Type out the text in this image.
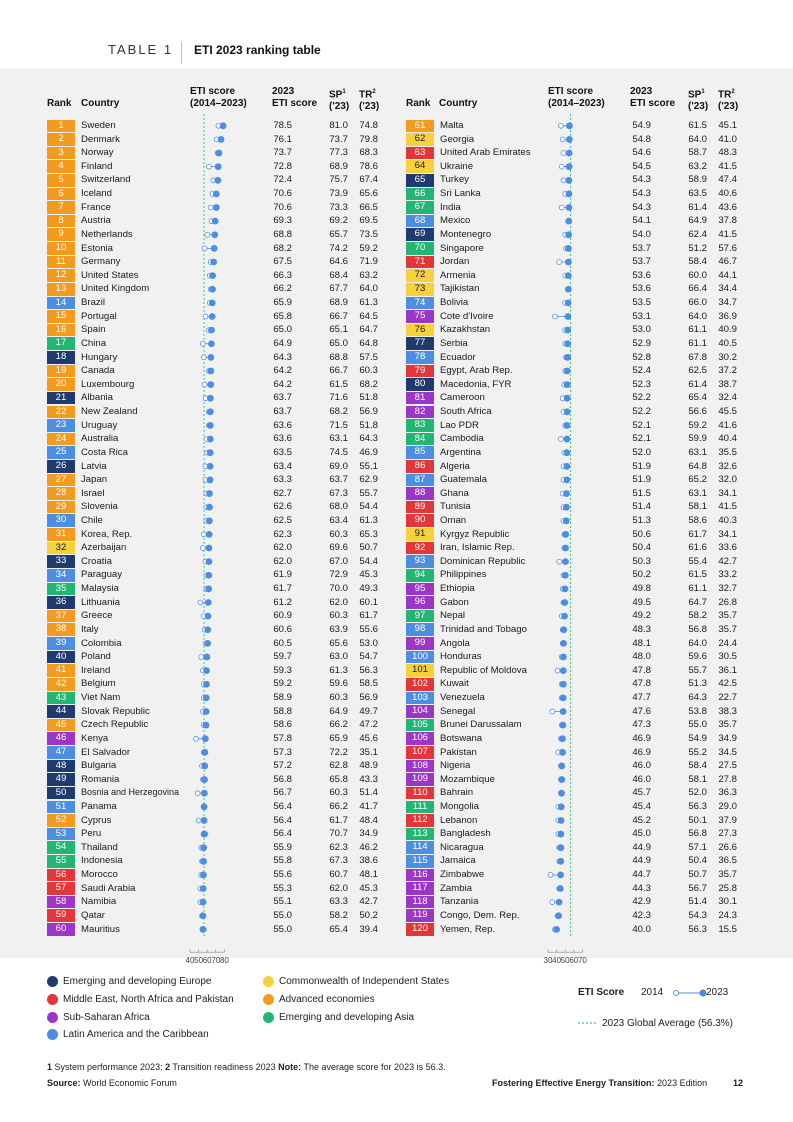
TABLE 1 ETI 2023 ranking table
Rank Country
ETI score
(2014–2023)
2023
ETI score
$SP^1$
('23)
$TR^2$
('23)	Rank Country
ETI score
(2014–2023)
2023
ETI score
$SP^1$
('23)
$TR^2$
('23)
40 50 60 70 80	30 40 50 60 70
1	Sweden	78.5	81.0	74.8
2	Denmark	76.1	73.7	79.8
3	Norway	73.7	77.3	68.3
4	Finland	72.8	68.9	78.6
5	Switzerland	72.4	75.7	67.4
6	Iceland	70.6	73.9	65.6
7	France	70.6	73.3	66.5
8	Austria	69.3	69.2	69.5
9	Netherlands	68.8	65.7	73.5
10	Estonia	68.2	74.2	59.2
11	Germany	67.5	64.6	71.9
12	United States	66.3	68.4	63.2
13	United Kingdom	66.2	67.7	64.0
14	Brazil	65.9	68.9	61.3
15	Portugal	65.8	66.7	64.5
16	Spain	65.0	65.1	64.7
17	China	64.9	65.0	64.8
18	Hungary	64.3	68.8	57.5
19	Canada	64.2	66.7	60.3
20	Luxembourg	64.2	61.5	68.2
21	Albania	63.7	71.6	51.8
22	New Zealand	63.7	68.2	56.9
23	Uruguay	63.6	71.5	51.8
24	Australia	63.6	63.1	64.3
25	Costa Rica	63.5	74.5	46.9
26	Latvia	63.4	69.0	55.1
27	Japan	63.3	63.7	62.9
28	Israel	62.7	67.3	55.7
29	Slovenia	62.6	68.0	54.4
30	Chile	62.5	63.4	61.3
31	Korea, Rep.	62.3	60.3	65.3
32	Azerbaijan	62.0	69.6	50.7
33	Croatia	62.0	67.0	54.4
34	Paraguay	61.9	72.9	45.3
35	Malaysia	61.7	70.0	49.3
36	Lithuania	61.2	62.0	60.1
37	Greece	60.9	60.3	61.7
38	Italy	60.6	63.9	55.6
39	Colombia	60.5	65.6	53.0
40	Poland	59.7	63.0	54.7
41	Ireland	59.3	61.3	56.3
42	Belgium	59.2	59.6	58.5
43	Viet Nam	58.9	60.3	56.9
44	Slovak Republic	58.8	64.9	49.7
45	Czech Republic	58.6	66.2	47.2
46	Kenya	57.8	65.9	45.6
47	El Salvador	57.3	72.2	35.1
48	Bulgaria	57.2	62.8	48.9
49	Romania	56.8	65.8	43.3
50	Bosnia and Herzegovina	56.7	60.3	51.4
51	Panama	56.4	66.2	41.7
52	Cyprus	56.4	61.7	48.4
53	Peru	56.4	70.7	34.9
54	Thailand	55.9	62.3	46.2
55	Indonesia	55.8	67.3	38.6
56	Morocco	55.6	60.7	48.1
57	Saudi Arabia	55.3	62.0	45.3
58	Namibia	55.1	63.3	42.7
59	Qatar	55.0	58.2	50.2
60	Mauritius	55.0	65.4	39.4
61	Malta	54.9	61.5	45.1
62	Georgia	54.8	64.0	41.0
63	United Arab Emirates	54.6	58.7	48.3
64	Ukraine	54.5	63.2	41.5
65	Turkey	54.3	58.9	47.4
66	Sri Lanka	54.3	63.5	40.6
67	India	54.3	61.4	43.6
68	Mexico	54.1	64.9	37.8
69	Montenegro	54.0	62.4	41.5
70	Singapore	53.7	51.2	57.6
71	Jordan	53.7	58.4	46.7
72	Armenia	53.6	60.0	44.1
73	Tajikistan	53.6	66.4	34.4
74	Bolivia	53.5	66.0	34.7
75	Cote d'Ivoire	53.1	64.0	36.9
76	Kazakhstan	53.0	61.1	40.9
77	Serbia	52.9	61.1	40.5
78	Ecuador	52.8	67.8	30.2
79	Egypt, Arab Rep.	52.4	62.5	37.2
80	Macedonia, FYR	52.3	61.4	38.7
81	Cameroon	52.2	65.4	32.4
82	South Africa	52.2	56.6	45.5
83	Lao PDR	52.1	59.2	41.6
84	Cambodia	52.1	59.9	40.4
85	Argentina	52.0	63.1	35.5
86	Algeria	51.9	64.8	32.6
87	Guatemala	51.9	65.2	32.0
88	Ghana	51.5	63.1	34.1
89	Tunisia	51.4	58.1	41.5
90	Oman	51.3	58.6	40.3
91	Kyrgyz Republic	50.6	61.7	34.1
92	Iran, Islamic Rep.	50.4	61.6	33.6
93	Dominican Republic	50.3	55.4	42.7
94	Philippines	50.2	61.5	33.2
95	Ethiopia	49.8	61.1	32.7
96	Gabon	49.5	64.7	26.8
97	Nepal	49.2	58.2	35.7
98	Trinidad and Tobago	48.3	56.8	35.7
99	Angola	48.1	64.0	24.4
100	Honduras	48.0	59.6	30.5
101	Republic of Moldova	47.8	55.7	36.1
102	Kuwait	47.8	51.3	42.5
103	Venezuela	47.7	64.3	22.7
104	Senegal	47.6	53.8	38.3
105	Brunei Darussalam	47.3	55.0	35.7
106	Botswana	46.9	54.9	34.9
107	Pakistan	46.9	55.2	34.5
108	Nigeria	46.0	58.4	27.5
109	Mozambique	46.0	58.1	27.8
110	Bahrain	45.7	52.0	36.3
111	Mongolia	45.4	56.3	29.0
112	Lebanon	45.2	50.1	37.9
113	Bangladesh	45.0	56.8	27.3
114	Nicaragua	44.9	57.1	26.6
115	Jamaica	44.9	50.4	36.5
116	Zimbabwe	44.7	50.7	35.7
117	Zambia	44.3	56.7	25.8
118	Tanzania	42.9	51.4	30.1
119	Congo, Dem. Rep.	42.3	54.3	24.3
120	Yemen, Rep.	40.0	56.3	15.5
Emerging and developing Europe
Middle East, North Africa and Pakistan
Sub-Saharan Africa
Latin America and the Caribbean
Commonwealth of Independent States
Advanced economies
Emerging and developing Asia
ETI Score 2014	2023
2023 Global Average (56.3%)
1 System performance 2023; 2 Transition readiness 2023 Note: The average score for 2023 is 56.3.
Source: World Economic Forum	Fostering Effective Energy Transition: 2023 Edition	12
